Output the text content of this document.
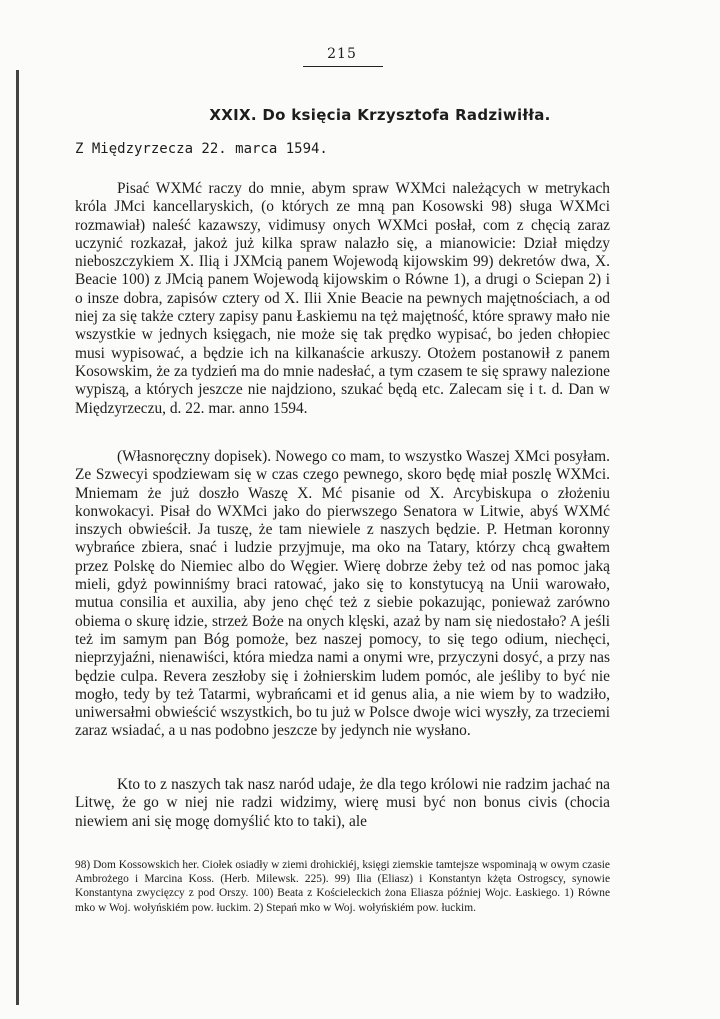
215
XXIX. Do księcia Krzysztofa Radziwiłła.
Z Międzyrzecza 22. marca 1594.
Pisać WXMć raczy do mnie, abym spraw WXMci należących w metrykach króla JMci kancellaryskich, (o których ze mną pan Kosowski 98) sługa WXMci rozmawiał) naleść kazawszy, vidimusy onych WXMci posłał, com z chęcią zaraz uczynić rozkazał, jakoż już kilka spraw nalazło się, a mianowicie: Dział między nieboszczykiem X. Ilią i JXMcią panem Wojewodą kijowskim 99) dekretów dwa, X. Beacie 100) z JMcią panem Wojewodą kijowskim o Równe 1), a drugi o Sciepan 2) i o insze dobra, zapisów cztery od X. Ilii Xnie Beacie na pewnych majętnościach, a od niej za się także cztery zapisy panu Łaskiemu na tęż majętność, które sprawy mało nie wszystkie w jednych księgach, nie może się tak prędko wypisać, bo jeden chłopiec musi wypisować, a będzie ich na kilkanaście arkuszy. Otożem postanowił z panem Kosowskim, że za tydzień ma do mnie nadesłać, a tym czasem te się sprawy nalezione wypiszą, a których jeszcze nie najdziono, szukać będą etc. Zalecam się i t. d. Dan w Międzyrzeczu, d. 22. mar. anno 1594.
(Własnoręczny dopisek). Nowego co mam, to wszystko Waszej XMci posyłam. Ze Szwecyi spodziewam się w czas czego pewnego, skoro będę miał poszlę WXMci. Mniemam że już doszło Waszę X. Mć pisanie od X. Arcybiskupa o złożeniu konwokacyi. Pisał do WXMci jako do pierwszego Senatora w Litwie, abyś WXMć inszych obwieścił. Ja tuszę, że tam niewiele z naszych będzie. P. Hetman koronny wybrańce zbiera, snać i ludzie przyjmuje, ma oko na Tatary, którzy chcą gwałtem przez Polskę do Niemiec albo do Węgier. Wierę dobrze żeby też od nas pomoc jaką mieli, gdyż powinniśmy braci ratować, jako się to konstytucyą na Unii warowało, mutua consilia et auxilia, aby jeno chęć też z siebie pokazując, ponieważ zarówno obiema o skurę idzie, strzeż Boże na onych klęski, azaż by nam się niedostało? A jeśli też im samym pan Bóg pomoże, bez naszej pomocy, to się tego odium, niechęci, nieprzyjaźni, nienawiści, która miedza nami a onymi wre, przyczyni dosyć, a przy nas będzie culpa. Revera zeszłoby się i żołnierskim ludem pomóc, ale jeśliby to być nie mogło, tedy by też Tatarmi, wybrańcami et id genus alia, a nie wiem by to wadziło, uniwersałmi obwieścić wszystkich, bo tu już w Polsce dwoje wici wyszły, za trzeciemi zaraz wsiadać, a u nas podobno jeszcze by jedynch nie wysłano.
Kto to z naszych tak nasz naród udaje, że dla tego królowi nie radzim jachać na Litwę, że go w niej nie radzi widzimy, wierę musi być non bonus civis (chocia niewiem ani się mogę domyślić kto to taki), ale
98) Dom Kossowskich her. Ciołek osiadły w ziemi drohickiéj, księgi ziemskie tamtejsze wspominają w owym czasie Ambrożego i Marcina Koss. (Herb. Milewsk. 225). 99) Ilia (Eliasz) i Konstantyn kżęta Ostrogscy, synowie Konstantyna zwycięzcy z pod Orszy. 100) Beata z Kościeleckich żona Eliasza później Wojc. Łaskiego. 1) Równe mko w Woj. wołyńskiém pow. łuckim. 2) Stepań mko w Woj. wołyńskiém pow. łuckim.
